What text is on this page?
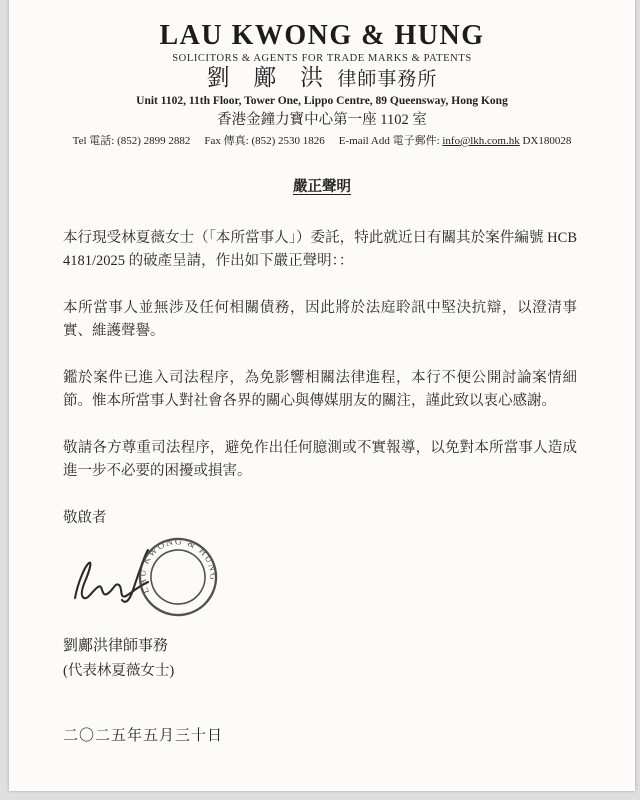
LAU KWONG & HUNG
SOLICITORS & AGENTS FOR TRADE MARKS & PATENTS
劉 鄺 洪 律師事務所
Unit 1102, 11th Floor, Tower One, Lippo Centre, 89 Queensway, Hong Kong
香港金鐘力寶中心第一座 1102 室
Tel 電話: (852) 2899 2882 Fax 傳真: (852) 2530 1826 E-mail Add 電子郵件: info@lkh.com.hk DX180028
嚴正聲明

本行現受林夏薇女士（「本所當事人」）委託，特此就近日有關其於案件編號 HCB 4181/2025 的破產呈請，作出如下嚴正聲明：：

本所當事人並無涉及任何相關債務，因此將於法庭聆訊中堅決抗辯，以澄清事實、維護聲譽。

鑑於案件已進入司法程序，為免影響相關法律進程，本行不便公開討論案情細節。惟本所當事人對社會各界的關心與傳媒朋友的關注，謹此致以衷心感謝。

敬請各方尊重司法程序，避免作出任何臆測或不實報導，以免對本所當事人造成進一步不必要的困擾或損害。

敬啟者

LAU KWONG & HUNG
劉鄺洪律師事務
(代表林夏薇女士)
二〇二五年五月三十日
